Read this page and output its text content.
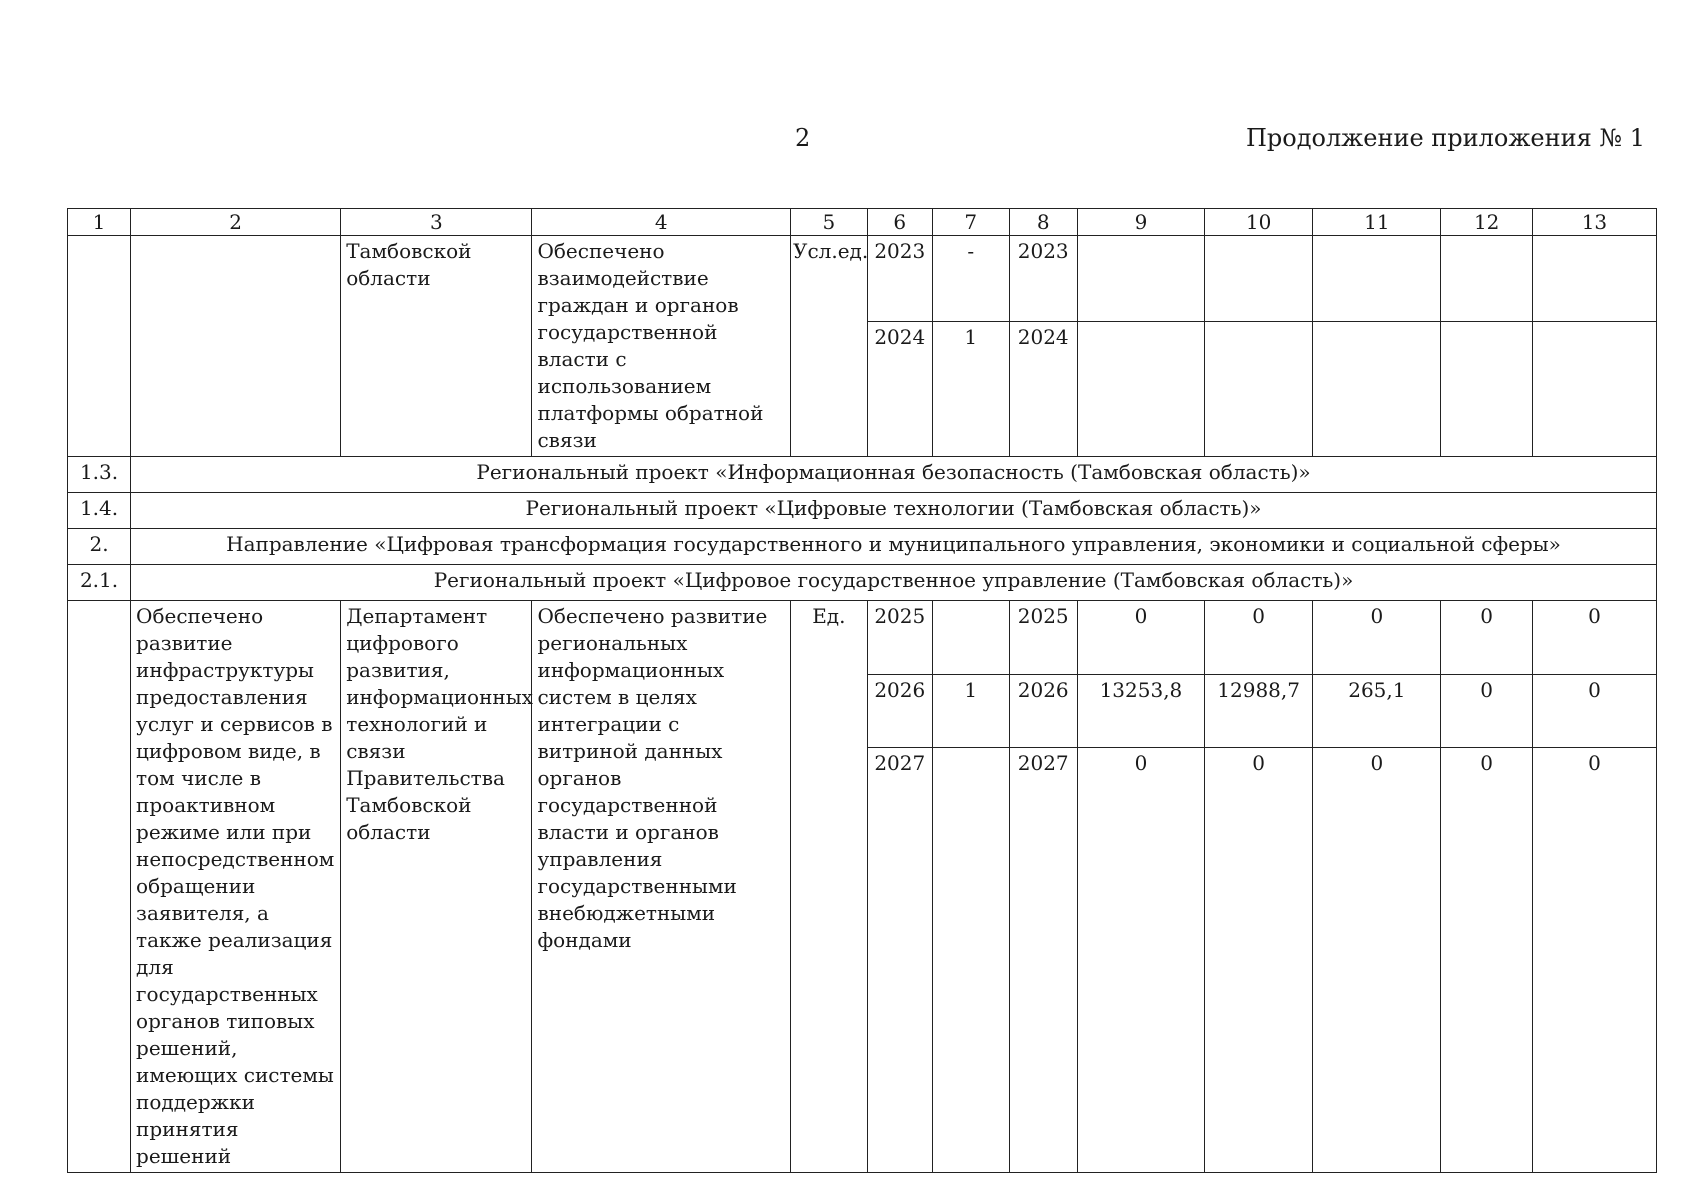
2	Продолжение приложения № 1
1	2	3	4	5	6	7	8	9	10	11	12	13
		Тамбовской области	Обеспечено взаимодействие граждан и органов государственной власти с использованием платформы обратной связи	Усл.ед.	2023	-	2023					
					2024	1	2024					
1.3.	Региональный проект «Информационная безопасность (Тамбовская область)»											
1.4.	Региональный проект «Цифровые технологии (Тамбовская область)»											
2.	Направление «Цифровая трансформация государственного и муниципального управления, экономики и социальной сферы»											
2.1.	Региональный проект «Цифровое государственное управление (Тамбовская область)»											
	Обеспечено развитие инфраструктуры предоставления услуг и сервисов в цифровом виде, в том числе в проактивном режиме или при непосредственном обращении заявителя, а также реализация для государственных органов типовых решений, имеющих системы поддержки принятия решений	Департамент цифрового развития, информационных технологий и связи Правительства Тамбовской области	Обеспечено развитие региональных информационных систем в целях интеграции с витриной данных органов государственной власти и органов управления государственными внебюджетными фондами	Ед.	2025		2025	0	0	0	0	0
					2026	1	2026	13253,8	12988,7	265,1	0	0
					2027		2027	0	0	0	0	0
